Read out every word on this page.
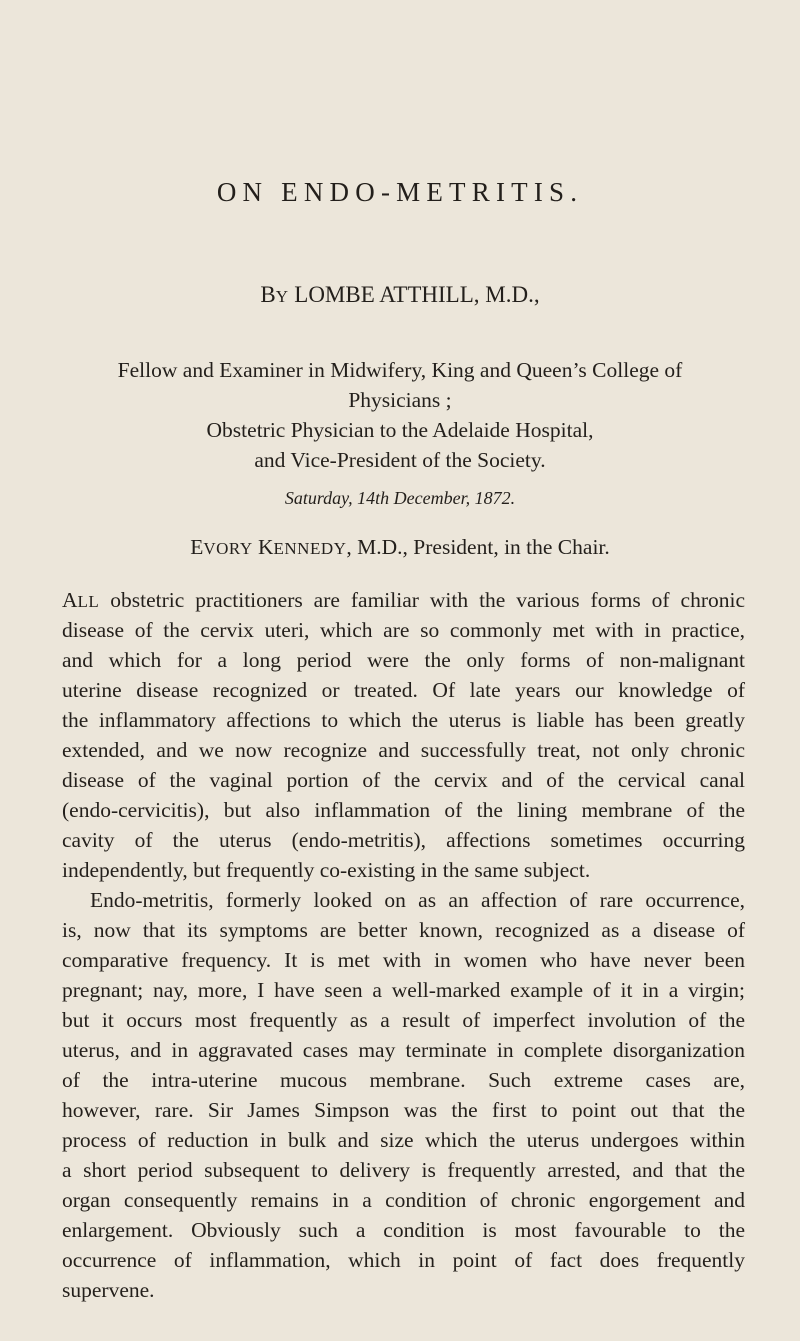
ON ENDO-METRITIS.
BY LOMBE ATTHILL, M.D.,
Fellow and Examiner in Midwifery, King and Queen’s College of
Physicians ;
Obstetric Physician to the Adelaide Hospital,
and Vice-President of the Society.
Saturday, 14th December, 1872.
EVORY KENNEDY, M.D., President, in the Chair.
ALL obstetric practitioners are familiar with the various forms of chronic
disease of the cervix uteri, which are so commonly met with in practice,
and which for a long period were the only forms of non-malignant
uterine disease recognized or treated. Of late years our knowledge of
the inflammatory affections to which the uterus is liable has been greatly
extended, and we now recognize and successfully treat, not only chronic
disease of the vaginal portion of the cervix and of the cervical canal
(endo-cervicitis), but also inflammation of the lining membrane of the
cavity of the uterus (endo-metritis), affections sometimes occurring
independently, but frequently co-existing in the same subject.
Endo-metritis, formerly looked on as an affection of rare occurrence,
is, now that its symptoms are better known, recognized as a disease of
comparative frequency. It is met with in women who have never been
pregnant; nay, more, I have seen a well-marked example of it in a virgin;
but it occurs most frequently as a result of imperfect involution of the
uterus, and in aggravated cases may terminate in complete disorganization
of the intra-uterine mucous membrane. Such extreme cases are,
however, rare. Sir James Simpson was the first to point out that the
process of reduction in bulk and size which the uterus undergoes within
a short period subsequent to delivery is frequently arrested, and that the
organ consequently remains in a condition of chronic engorgement and
enlargement. Obviously such a condition is most favourable to the
occurrence of inflammation, which in point of fact does frequently
supervene.
